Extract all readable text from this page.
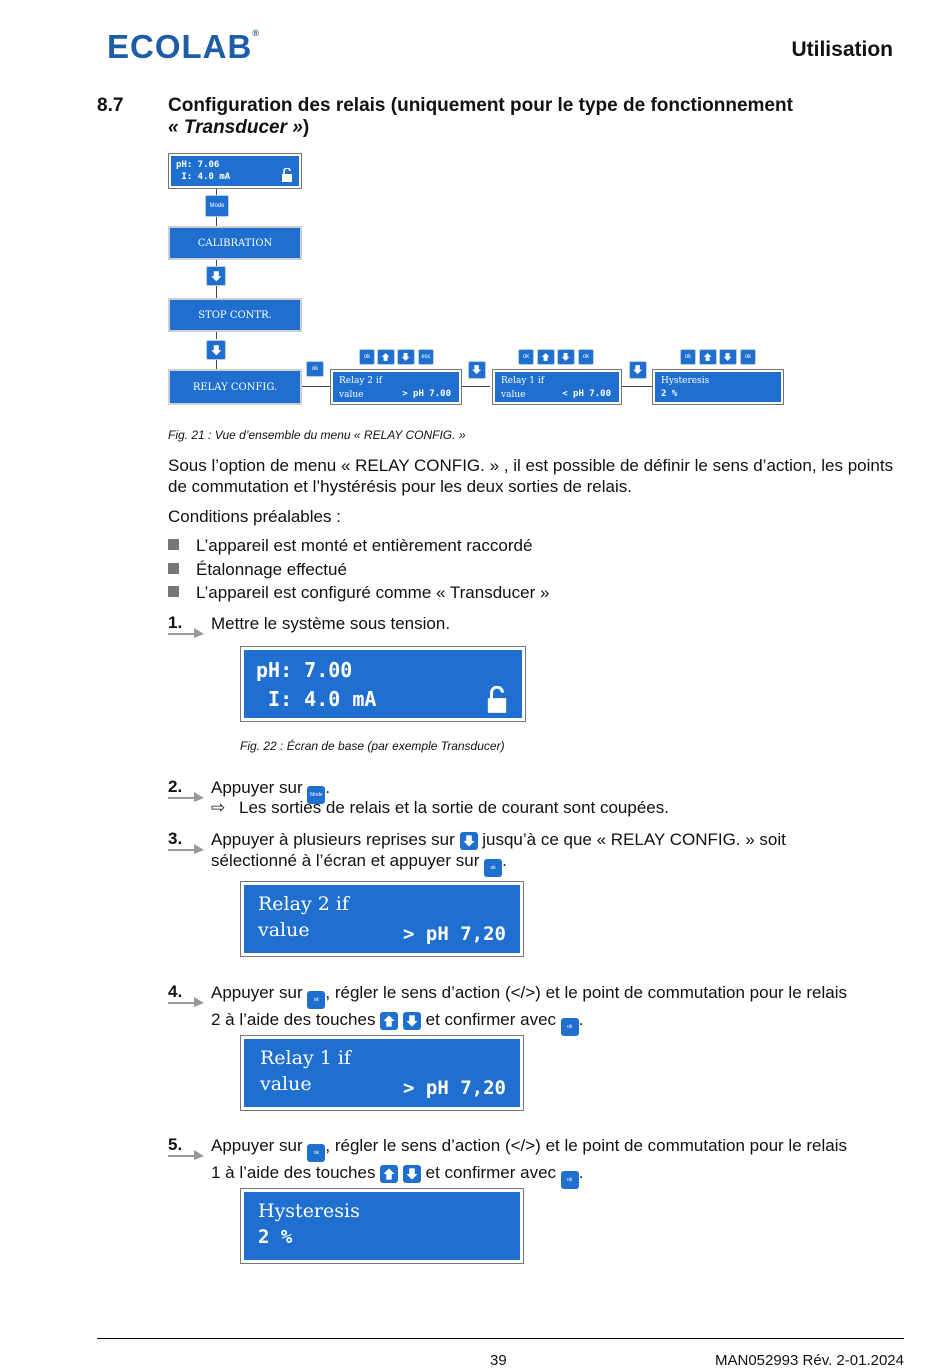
ECOLAB®
Utilisation
8.7 Configuration des relais (uniquement pour le type de fonctionnement
« Transducer »)
pH: 7.06
I: 4.0 mA
Mode
CALIBRATION
STOP CONTR.
RELAY CONFIG.
ok
ok	esc
Relay 2 if
value	> pH 7.00
ok	ok
Relay 1 if
value	< pH 7.00
ok	ok
Hysteresis
2 %
Fig. 21 : Vue d’ensemble du menu « RELAY CONFIG. »
Sous l’option de menu « RELAY CONFIG. » , il est possible de définir le sens d’action, les points de commutation et l’hystérésis pour les deux sorties de relais.
Conditions préalables :
L’appareil est monté et entièrement raccordé
Étalonnage effectué
L’appareil est configuré comme « Transducer »
1. Mettre le système sous tension.
pH: 7.00
I: 4.0 mA
Fig. 22 : Écran de base (par exemple Transducer)
2. Appuyer sur Mode .
⇨ Les sorties de relais et la sortie de courant sont coupées.
3. Appuyer à plusieurs reprises sur jusqu’à ce que « RELAY CONFIG. » soit
sélectionné à l’écran et appuyer sur ok .
Relay 2 if
value	> pH 7,20
4. Appuyer sur ok , régler le sens d’action (</>) et le point de commutation pour le relais
2 à l’aide des touches	et confirmer avec ok .
Relay 1 if
value	> pH 7,20
5. Appuyer sur ok , régler le sens d’action (</>) et le point de commutation pour le relais
1 à l’aide des touches	et confirmer avec ok .
Hysteresis
2 %
39	MAN052993 Rév. 2-01.2024
